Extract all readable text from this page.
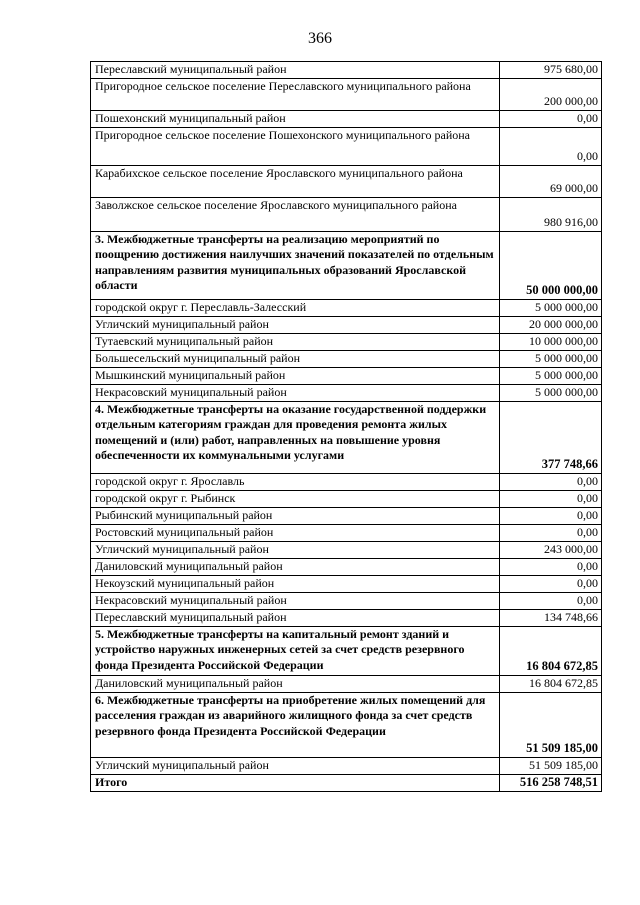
366
Переславский муниципальный район	975 680,00
Пригородное сельское поселение Переславского муниципального района	200 000,00
Пошехонский муниципальный район	0,00
Пригородное сельское поселение Пошехонского муниципального района	0,00
Карабихское сельское поселение Ярославского муниципального района	69 000,00
Заволжское сельское поселение Ярославского муниципального района	980 916,00
3. Межбюджетные трансферты на реализацию мероприятий по поощрению достижения наилучших значений показателей по отдельным направлениям развития муниципальных образований Ярославской области	50 000 000,00
городской округ г. Переславль-Залесский	5 000 000,00
Угличский муниципальный район	20 000 000,00
Тутаевский муниципальный район	10 000 000,00
Большесельский муниципальный район	5 000 000,00
Мышкинский муниципальный район	5 000 000,00
Некрасовский муниципальный район	5 000 000,00
4. Межбюджетные трансферты на оказание государственной поддержки отдельным категориям граждан для проведения ремонта жилых помещений и (или) работ, направленных на повышение уровня обеспеченности их коммунальными услугами	377 748,66
городской округ г. Ярославль	0,00
городской округ г. Рыбинск	0,00
Рыбинский муниципальный район	0,00
Ростовский муниципальный район	0,00
Угличский муниципальный район	243 000,00
Даниловский муниципальный район	0,00
Некоузский муниципальный район	0,00
Некрасовский муниципальный район	0,00
Переславский муниципальный район	134 748,66
5. Межбюджетные трансферты на капитальный ремонт зданий и устройство наружных инженерных сетей за счет средств резервного фонда Президента Российской Федерации	16 804 672,85
Даниловский муниципальный район	16 804 672,85
6. Межбюджетные трансферты на приобретение жилых помещений для расселения граждан из аварийного жилищного фонда за счет средств резервного фонда Президента Российской Федерации	51 509 185,00
Угличский муниципальный район	51 509 185,00
Итого	516 258 748,51
